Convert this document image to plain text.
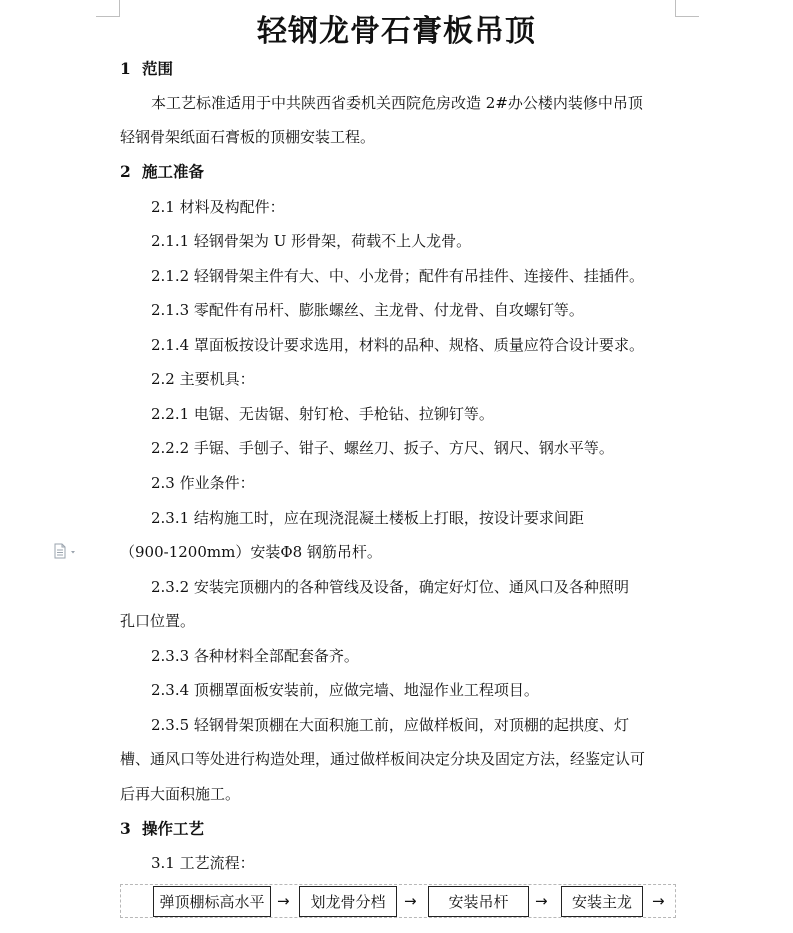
轻钢龙骨石膏板吊顶
1 范围
本工艺标准适用于中共陕西省委机关西院危房改造 2#办公楼内装修中吊顶
轻钢骨架纸面石膏板的顶棚安装工程。
2 施工准备
2.1 材料及构配件：
2.1.1 轻钢骨架为 U 形骨架，荷载不上人龙骨。
2.1.2 轻钢骨架主件有大、中、小龙骨；配件有吊挂件、连接件、挂插件。
2.1.3 零配件有吊杆、膨胀螺丝、主龙骨、付龙骨、自攻螺钉等。
2.1.4 罩面板按设计要求选用，材料的品种、规格、质量应符合设计要求。
2.2 主要机具：
2.2.1 电锯、无齿锯、射钉枪、手枪钻、拉铆钉等。
2.2.2 手锯、手刨子、钳子、螺丝刀、扳子、方尺、钢尺、钢水平等。
2.3 作业条件：
2.3.1 结构施工时，应在现浇混凝土楼板上打眼，按设计要求间距
（900-1200mm）安装Φ8 钢筋吊杆。
2.3.2 安装完顶棚内的各种管线及设备，确定好灯位、通风口及各种照明
孔口位置。
2.3.3 各种材料全部配套备齐。
2.3.4 顶棚罩面板安装前，应做完墙、地湿作业工程项目。
2.3.5 轻钢骨架顶棚在大面积施工前，应做样板间，对顶棚的起拱度、灯
槽、通风口等处进行构造处理，通过做样板间决定分块及固定方法，经鉴定认可
后再大面积施工。
3 操作工艺
3.1 工艺流程：
弹顶棚标高水平 →	划龙骨分档	→	安装吊杆	→	安装主龙	→
